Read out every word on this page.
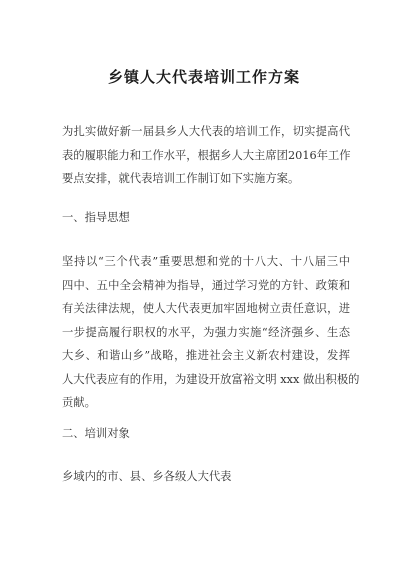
乡镇人大代表培训工作方案
为扎实做好新一届县乡人大代表的培训工作，切实提高代
表的履职能力和工作水平，根据乡人大主席团2016年工作
要点安排，就代表培训工作制订如下实施方案。
一、指导思想
坚持以“三个代表”重要思想和党的十八大、十八届三中
四中、五中全会精神为指导，通过学习党的方针、政策和
有关法律法规，使人大代表更加牢固地树立责任意识，进
一步提高履行职权的水平，为强力实施“经济强乡、生态
大乡、和谐山乡”战略，推进社会主义新农村建设，发挥
人大代表应有的作用，为建设开放富裕文明 xxx 做出积极的
贡献。
二、培训对象
乡域内的市、县、乡各级人大代表
